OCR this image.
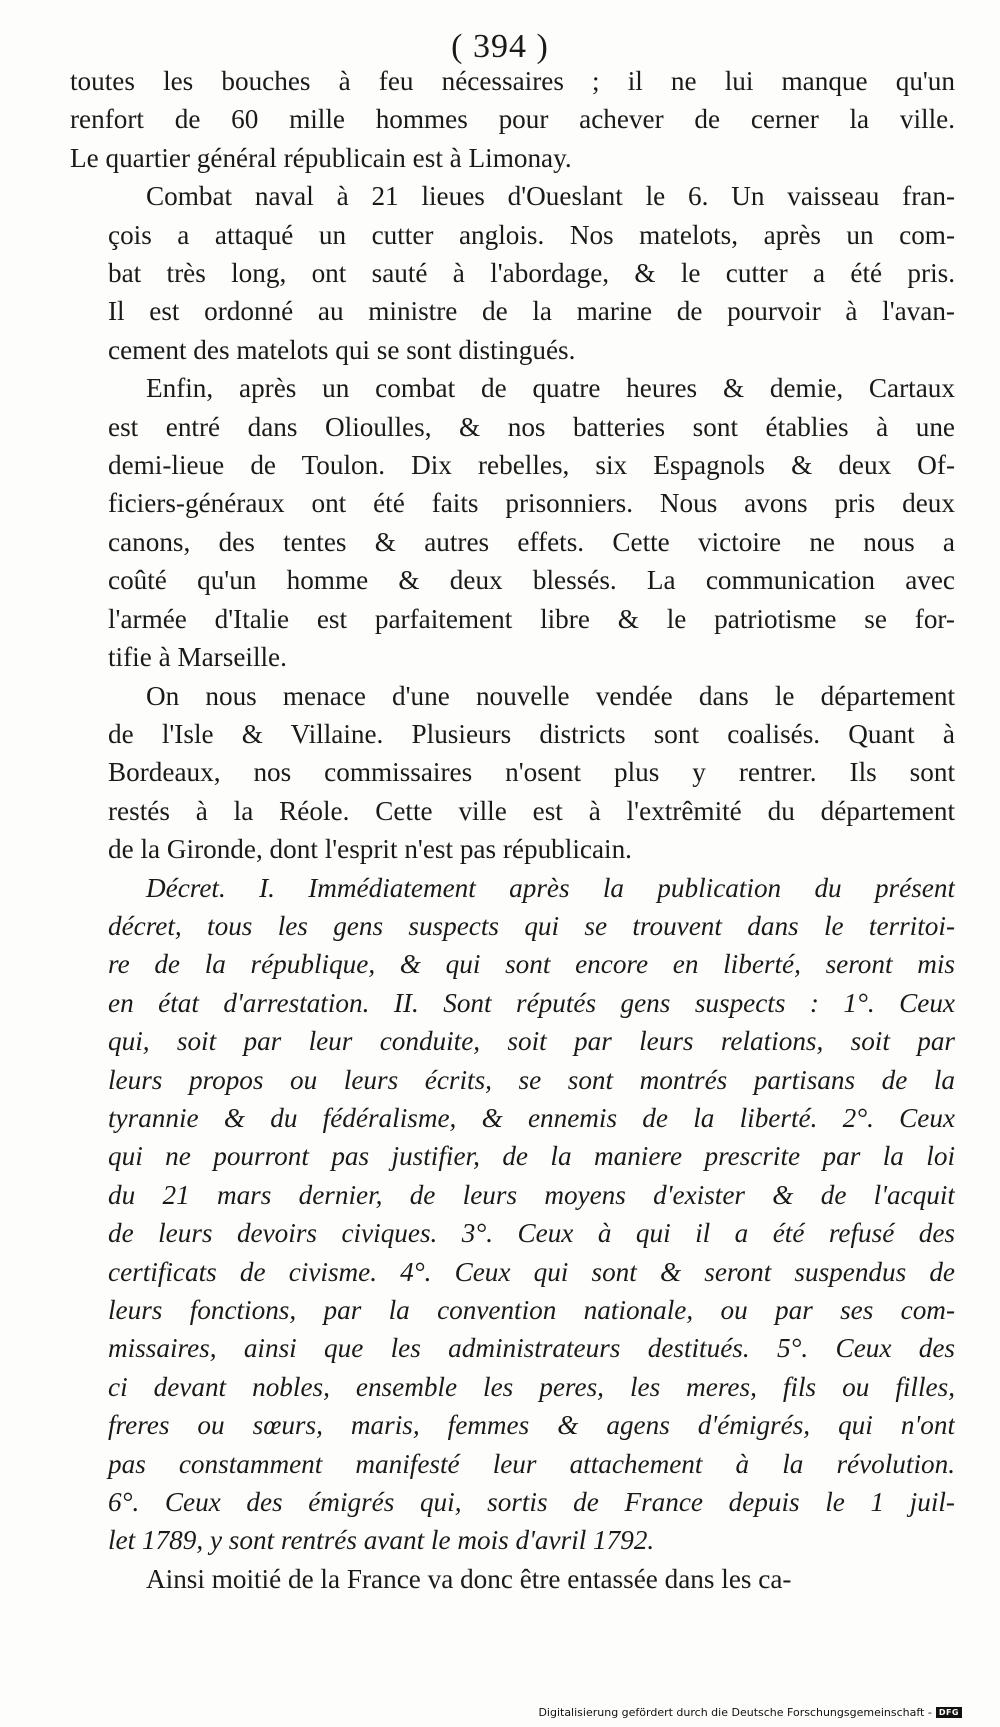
( 394 )
toutes les bouches à feu nécessaires ; il ne lui manque qu'un
renfort de 60 mille hommes pour achever de cerner la ville.
Le quartier général républicain est à Limonay.
Combat naval à 21 lieues d'Oueslant le 6. Un vaisseau fran-
çois a attaqué un cutter anglois. Nos matelots, après un com-
bat très long, ont sauté à l'abordage, & le cutter a été pris.
Il est ordonné au ministre de la marine de pourvoir à l'avan-
cement des matelots qui se sont distingués.
Enfin, après un combat de quatre heures & demie, Cartaux
est entré dans Olioulles, & nos batteries sont établies à une
demi-lieue de Toulon. Dix rebelles, six Espagnols & deux Of-
ficiers-généraux ont été faits prisonniers. Nous avons pris deux
canons, des tentes & autres effets. Cette victoire ne nous a
coûté qu'un homme & deux blessés. La communication avec
l'armée d'Italie est parfaitement libre & le patriotisme se for-
tifie à Marseille.
On nous menace d'une nouvelle vendée dans le département
de l'Isle & Villaine. Plusieurs districts sont coalisés. Quant à
Bordeaux, nos commissaires n'osent plus y rentrer. Ils sont
restés à la Réole. Cette ville est à l'extrêmité du département
de la Gironde, dont l'esprit n'est pas républicain.
Décret. I. Immédiatement après la publication du présent
décret, tous les gens suspects qui se trouvent dans le territoi-
re de la république, & qui sont encore en liberté, seront mis
en état d'arrestation. II. Sont réputés gens suspects : 1°. Ceux
qui, soit par leur conduite, soit par leurs relations, soit par
leurs propos ou leurs écrits, se sont montrés partisans de la
tyrannie & du fédéralisme, & ennemis de la liberté. 2°. Ceux
qui ne pourront pas justifier, de la maniere prescrite par la loi
du 21 mars dernier, de leurs moyens d'exister & de l'acquit
de leurs devoirs civiques. 3°. Ceux à qui il a été refusé des
certificats de civisme. 4°. Ceux qui sont & seront suspendus de
leurs fonctions, par la convention nationale, ou par ses com-
missaires, ainsi que les administrateurs destitués. 5°. Ceux des
ci devant nobles, ensemble les peres, les meres, fils ou filles,
freres ou sœurs, maris, femmes & agens d'émigrés, qui n'ont
pas constamment manifesté leur attachement à la révolution.
6°. Ceux des émigrés qui, sortis de France depuis le 1 juil-
let 1789, y sont rentrés avant le mois d'avril 1792.
Ainsi moitié de la France va donc être entassée dans les ca-
Digitalisierung gefördert durch die Deutsche Forschungsgemeinschaft - DFG
